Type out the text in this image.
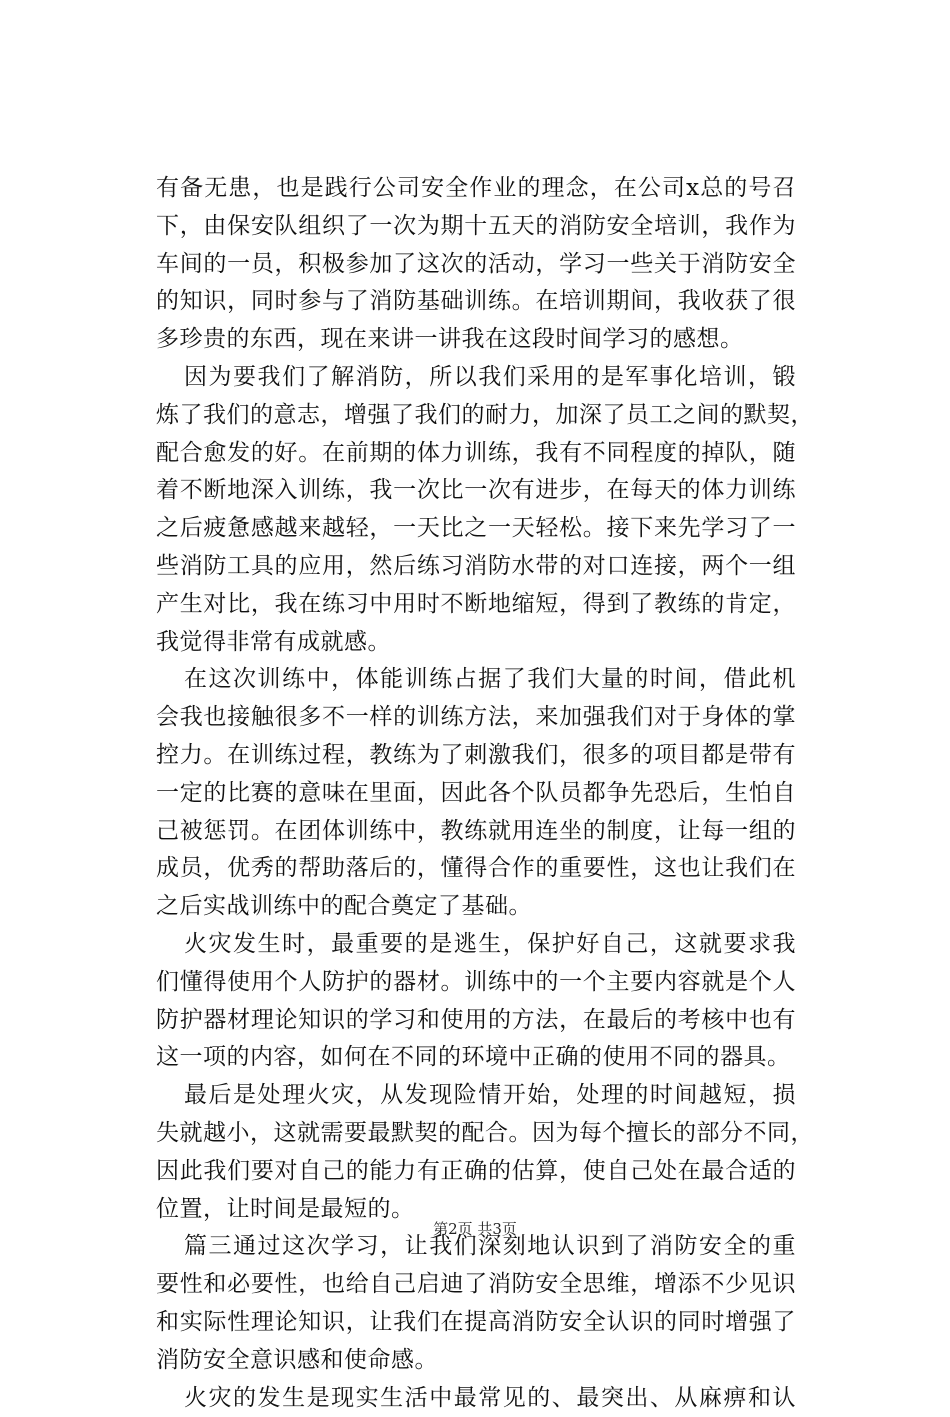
有备无患，也是践行公司安全作业的理念，在公司x总的号召
下，由保安队组织了一次为期十五天的消防安全培训，我作为
车间的一员，积极参加了这次的活动，学习一些关于消防安全
的知识，同时参与了消防基础训练。在培训期间，我收获了很
多珍贵的东西，现在来讲一讲我在这段时间学习的感想。
因为要我们了解消防，所以我们采用的是军事化培训，锻
炼了我们的意志，增强了我们的耐力，加深了员工之间的默契，
配合愈发的好。在前期的体力训练，我有不同程度的掉队，随
着不断地深入训练，我一次比一次有进步，在每天的体力训练
之后疲惫感越来越轻，一天比之一天轻松。接下来先学习了一
些消防工具的应用，然后练习消防水带的对口连接，两个一组
产生对比，我在练习中用时不断地缩短，得到了教练的肯定，
我觉得非常有成就感。
在这次训练中，体能训练占据了我们大量的时间，借此机
会我也接触很多不一样的训练方法，来加强我们对于身体的掌
控力。在训练过程，教练为了刺激我们，很多的项目都是带有
一定的比赛的意味在里面，因此各个队员都争先恐后，生怕自
己被惩罚。在团体训练中，教练就用连坐的制度，让每一组的
成员，优秀的帮助落后的，懂得合作的重要性，这也让我们在
之后实战训练中的配合奠定了基础。
火灾发生时，最重要的是逃生，保护好自己，这就要求我
们懂得使用个人防护的器材。训练中的一个主要内容就是个人
防护器材理论知识的学习和使用的方法，在最后的考核中也有
这一项的内容，如何在不同的环境中正确的使用不同的器具。
最后是处理火灾，从发现险情开始，处理的时间越短，损
失就越小，这就需要最默契的配合。因为每个擅长的部分不同，
因此我们要对自己的能力有正确的估算，使自己处在最合适的
位置，让时间是最短的。
篇三通过这次学习，让我们深刻地认识到了消防安全的重
要性和必要性，也给自己启迪了消防安全思维，增添不少见识
和实际性理论知识，让我们在提高消防安全认识的同时增强了
消防安全意识感和使命感。
火灾的发生是现实生活中最常见的、最突出、从麻痹和认
第2页 共3页
